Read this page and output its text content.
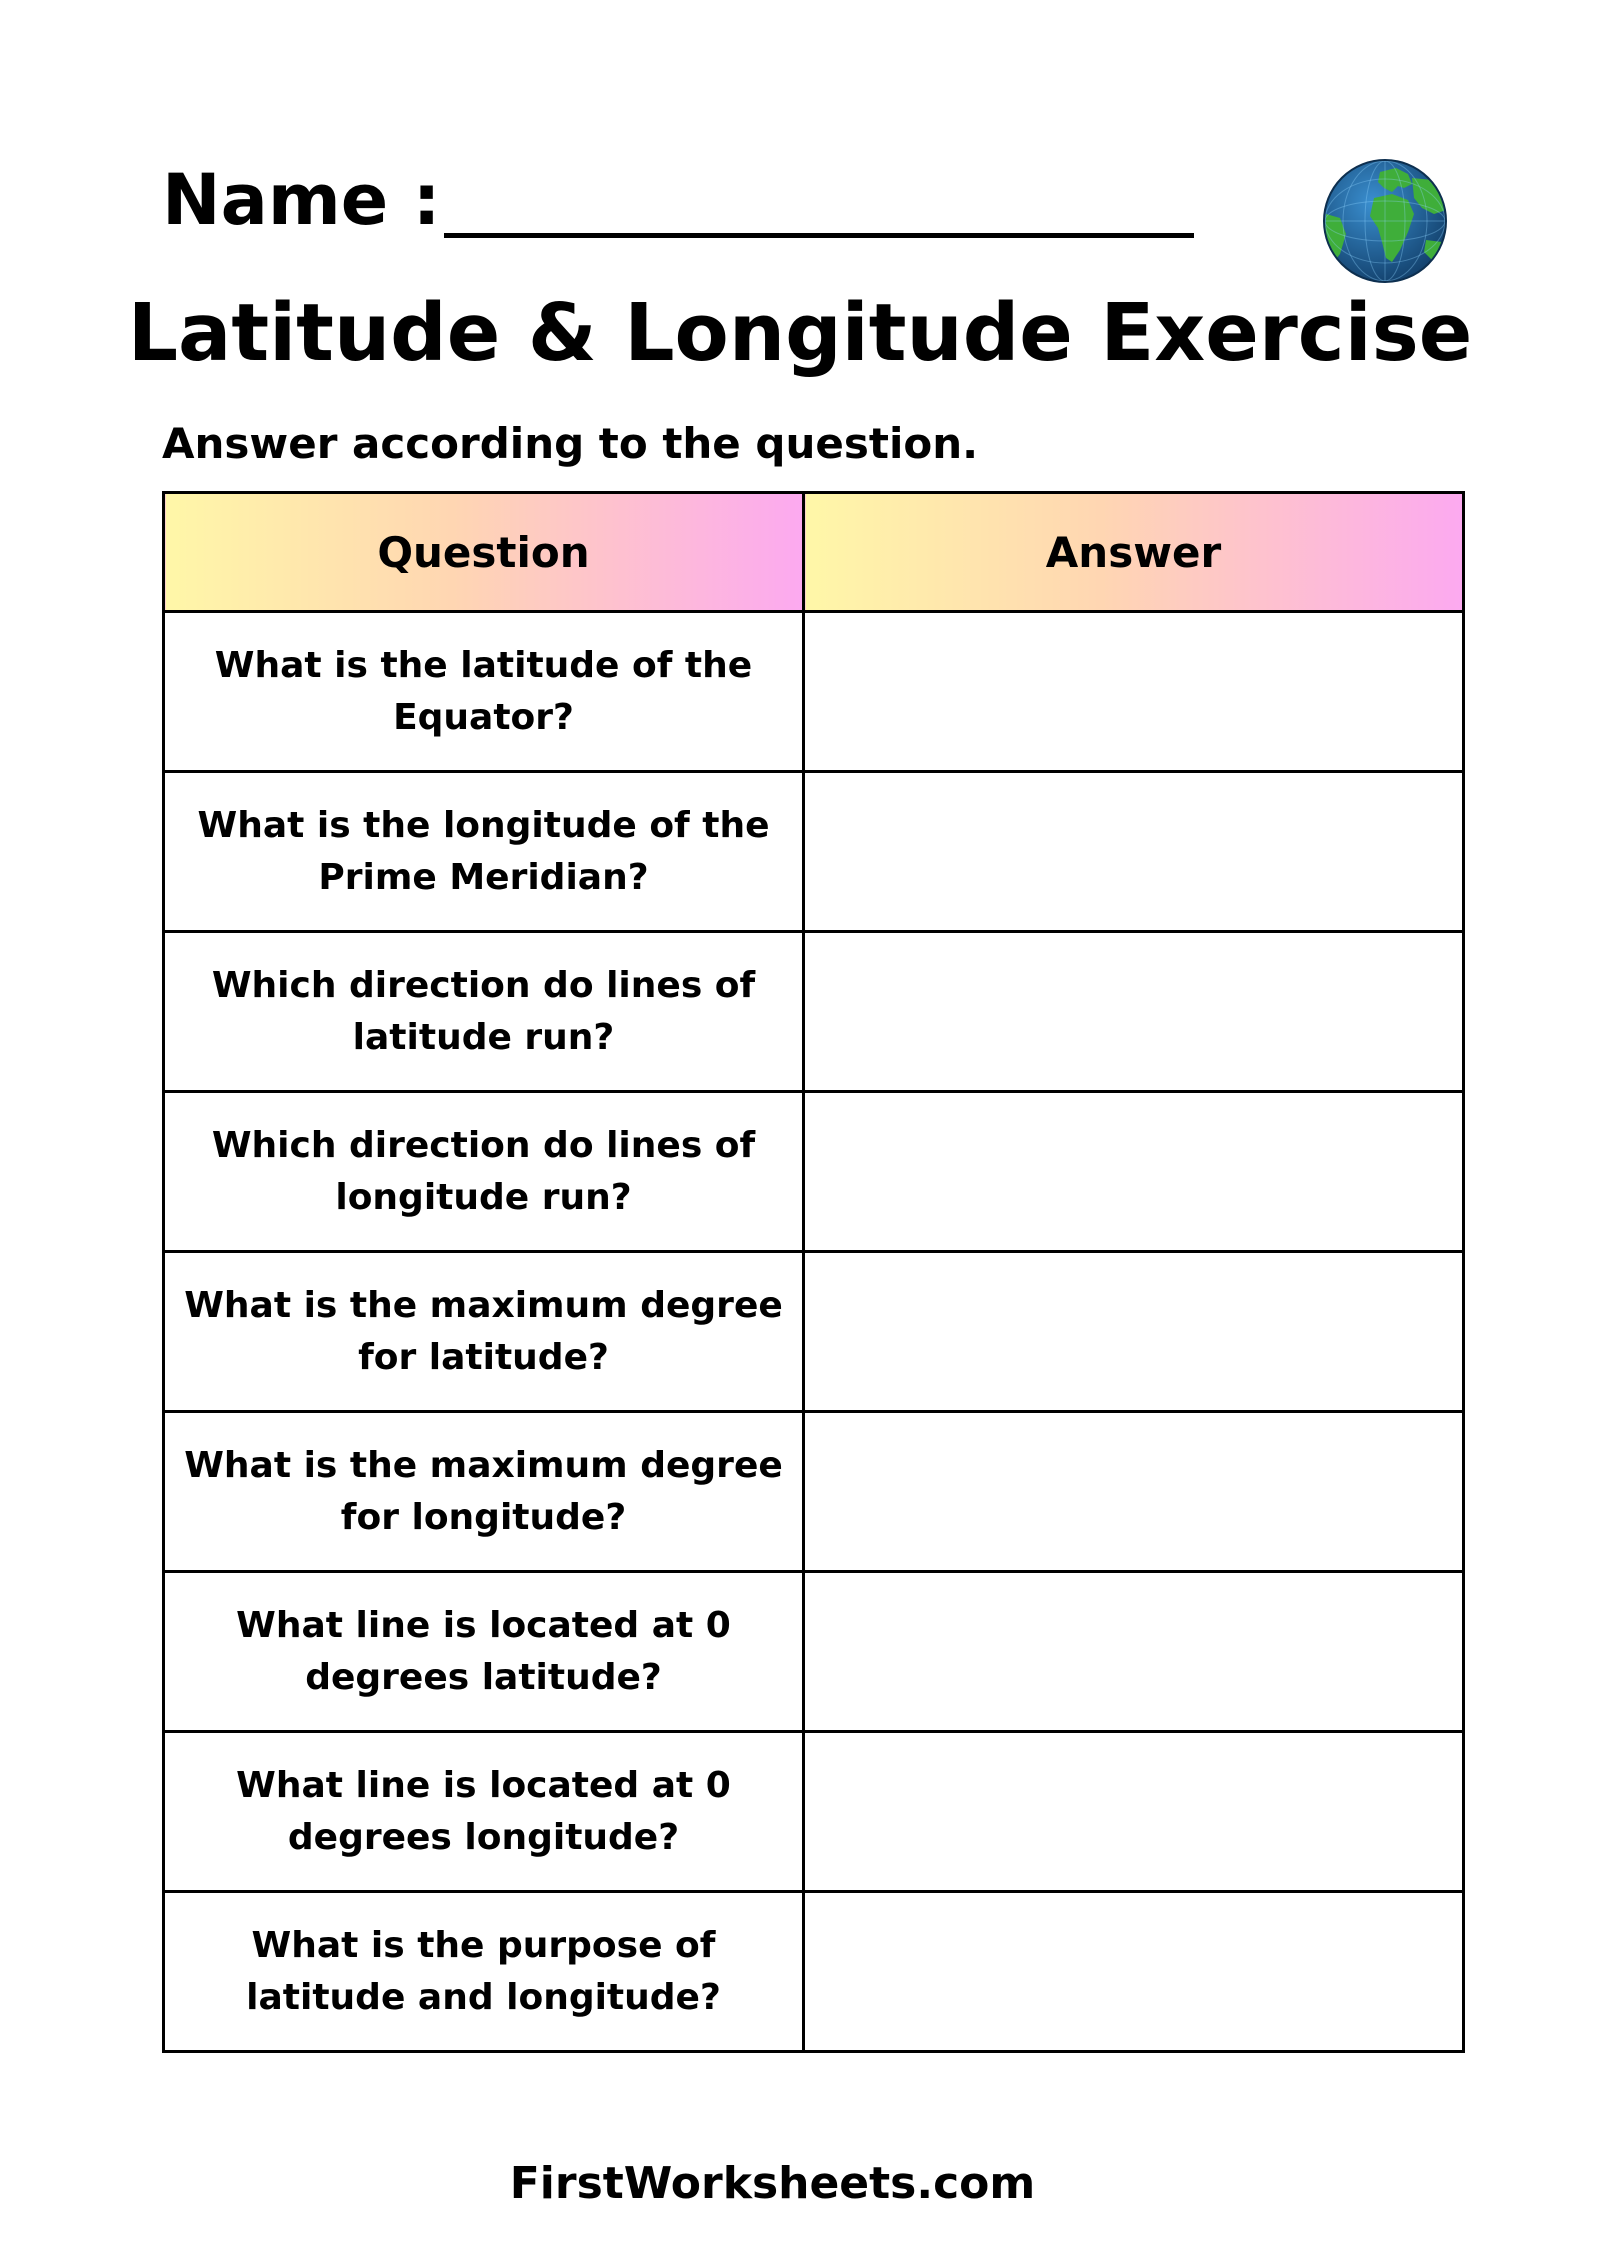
Name :
Latitude & Longitude Exercise
Answer according to the question.
Question	Answer
What is the latitude of the Equator?	
What is the longitude of the Prime Meridian?	
Which direction do lines of latitude run?	
Which direction do lines of longitude run?	
What is the maximum degree for latitude?	
What is the maximum degree for longitude?	
What line is located at 0 degrees latitude?	
What line is located at 0 degrees longitude?	
What is the purpose of latitude and longitude?	
FirstWorksheets.com
